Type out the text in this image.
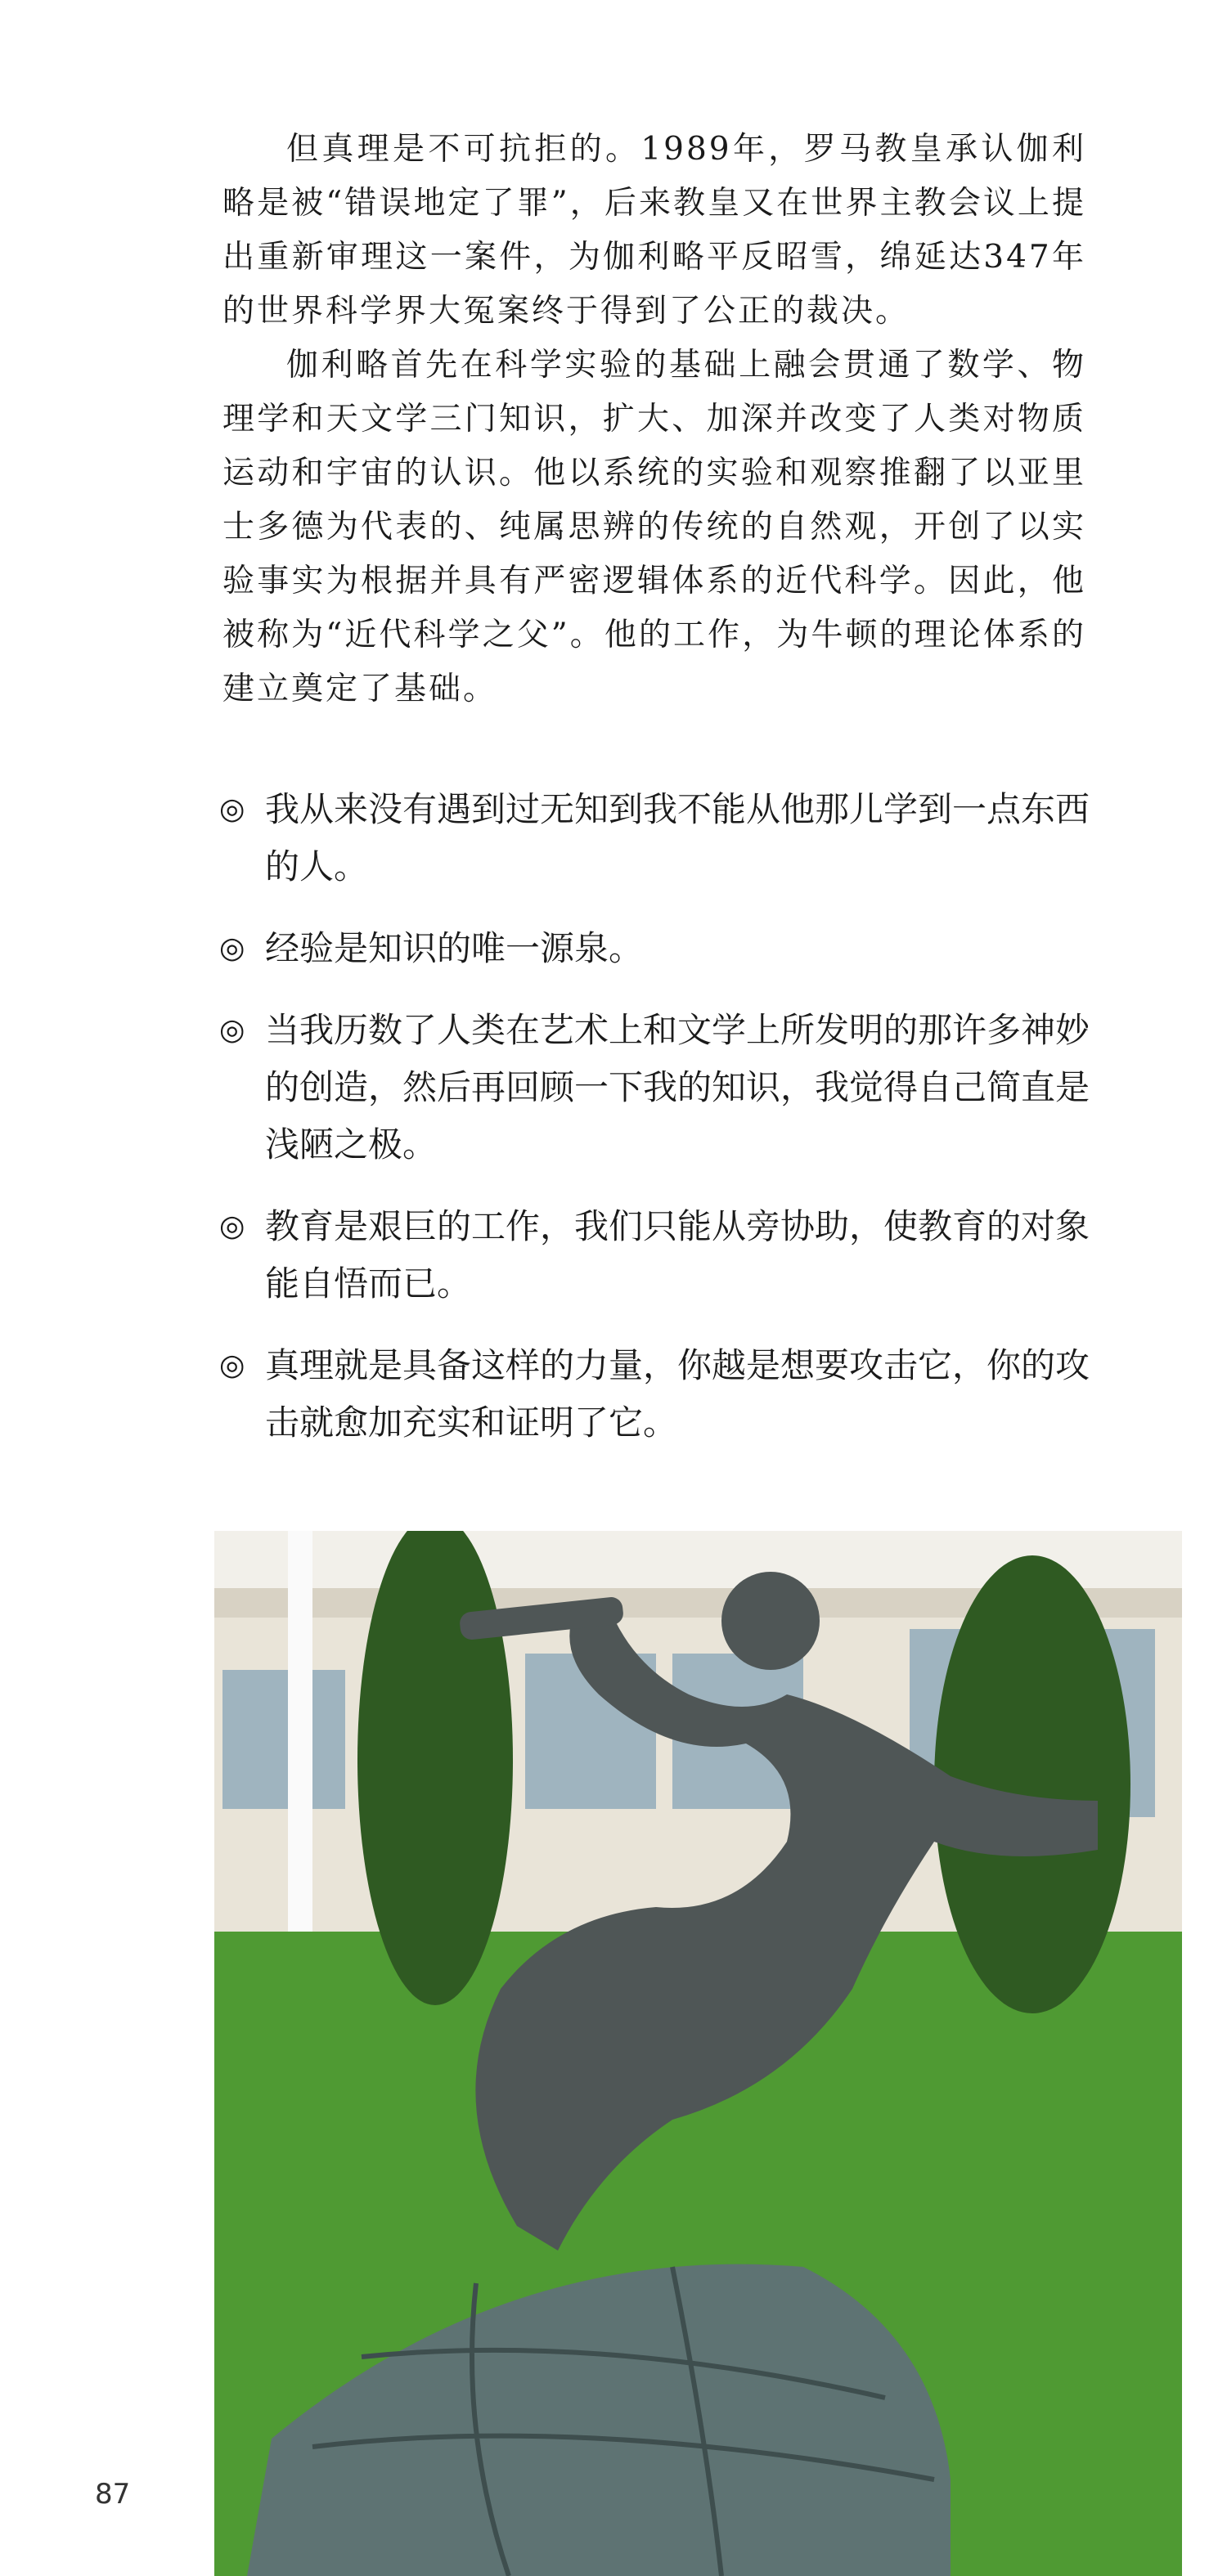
但真理是不可抗拒的。1989年，罗马教皇承认伽利略是被“错误地定了罪”，后来教皇又在世界主教会议上提出重新审理这一案件，为伽利略平反昭雪，绵延达347年的世界科学界大冤案终于得到了公正的裁决。

伽利略首先在科学实验的基础上融会贯通了数学、物理学和天文学三门知识，扩大、加深并改变了人类对物质运动和宇宙的认识。他以系统的实验和观察推翻了以亚里士多德为代表的、纯属思辨的传统的自然观，开创了以实验事实为根据并具有严密逻辑体系的近代科学。因此，他被称为“近代科学之父”。他的工作，为牛顿的理论体系的建立奠定了基础。

◎ 我从来没有遇到过无知到我不能从他那儿学到一点东西的人。
◎ 经验是知识的唯一源泉。
◎ 当我历数了人类在艺术上和文学上所发明的那许多神妙的创造，然后再回顾一下我的知识，我觉得自己简直是浅陋之极。
◎ 教育是艰巨的工作，我们只能从旁协助，使教育的对象能自悟而已。
◎ 真理就是具备这样的力量，你越是想要攻击它，你的攻击就愈加充实和证明了它。
87
